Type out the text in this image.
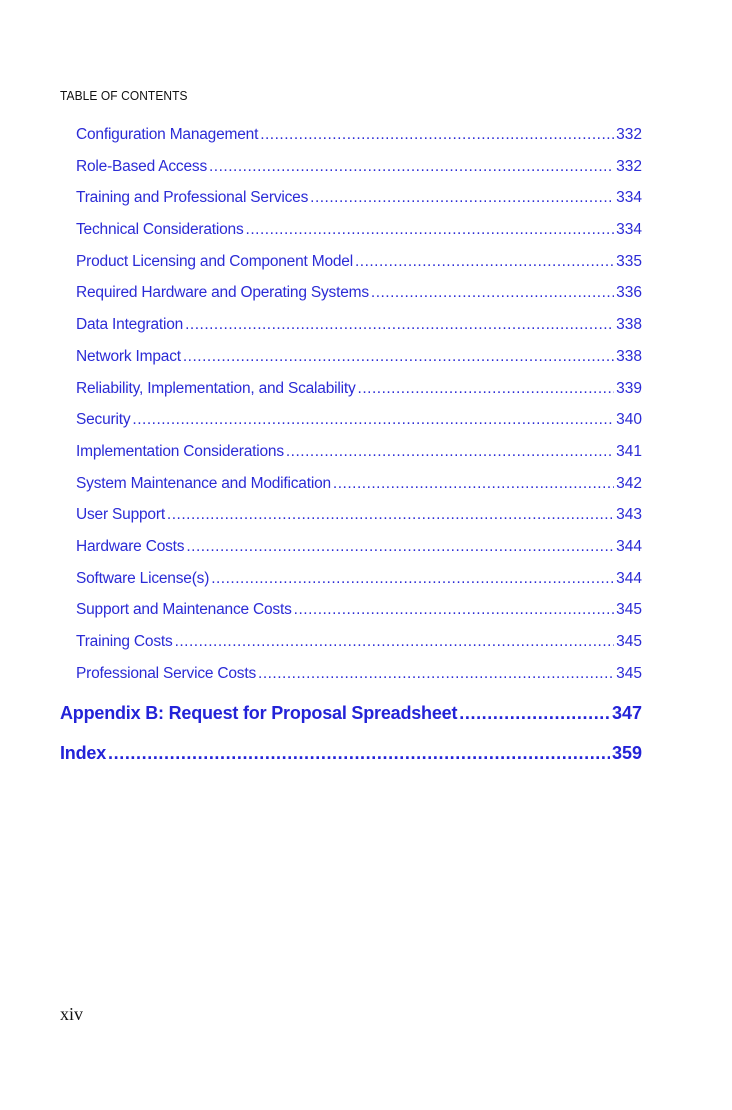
TABLE OF CONTENTS
Configuration Management .....	332
Role-Based Access .....	332
Training and Professional Services .....	334
Technical Considerations .....	334
Product Licensing and Component Model .....	335
Required Hardware and Operating Systems .....	336
Data Integration .....	338
Network Impact .....	338
Reliability, Implementation, and Scalability .....	339
Security .....	340
Implementation Considerations .....	341
System Maintenance and Modification .....	342
User Support .....	343
Hardware Costs .....	344
Software License(s) .....	344
Support and Maintenance Costs .....	345
Training Costs .....	345
Professional Service Costs .....	345
Appendix B: Request for Proposal Spreadsheet .....	347
Index .....	359
xiv
